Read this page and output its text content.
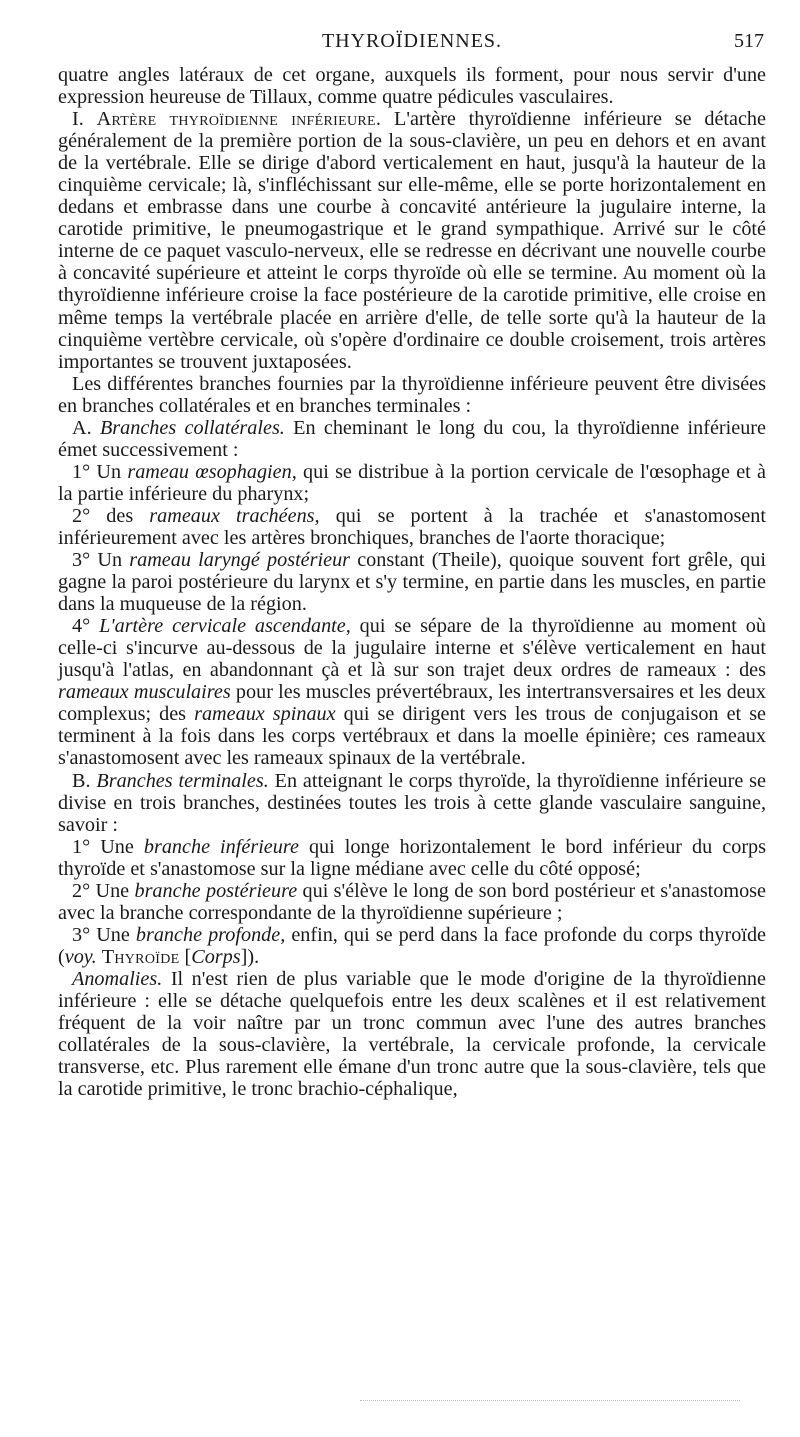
THYROÏDIENNES.	517

quatre angles latéraux de cet organe, auxquels ils forment, pour nous servir d'une expression heureuse de Tillaux, comme quatre pédicules vasculaires.

I. Artère thyroïdienne inférieure. L'artère thyroïdienne inférieure se détache généralement de la première portion de la sous-clavière, un peu en dehors et en avant de la vertébrale. Elle se dirige d'abord verticalement en haut, jusqu'à la hauteur de la cinquième cervicale; là, s'infléchissant sur elle-même, elle se porte horizontalement en dedans et embrasse dans une courbe à concavité antérieure la jugulaire interne, la carotide primitive, le pneumogastrique et le grand sympathique. Arrivé sur le côté interne de ce paquet vasculo-nerveux, elle se redresse en décrivant une nouvelle courbe à concavité supérieure et atteint le corps thyroïde où elle se termine. Au moment où la thyroïdienne inférieure croise la face postérieure de la carotide primitive, elle croise en même temps la vertébrale placée en arrière d'elle, de telle sorte qu'à la hauteur de la cinquième vertèbre cervicale, où s'opère d'ordinaire ce double croisement, trois artères importantes se trouvent juxtaposées.

Les différentes branches fournies par la thyroïdienne inférieure peuvent être divisées en branches collatérales et en branches terminales :

A. Branches collatérales. En cheminant le long du cou, la thyroïdienne inférieure émet successivement :

1° Un rameau œsophagien, qui se distribue à la portion cervicale de l'œsophage et à la partie inférieure du pharynx;

2° des rameaux trachéens, qui se portent à la trachée et s'anastomosent inférieurement avec les artères bronchiques, branches de l'aorte thoracique;

3° Un rameau laryngé postérieur constant (Theile), quoique souvent fort grêle, qui gagne la paroi postérieure du larynx et s'y termine, en partie dans les muscles, en partie dans la muqueuse de la région.

4° L'artère cervicale ascendante, qui se sépare de la thyroïdienne au moment où celle-ci s'incurve au-dessous de la jugulaire interne et s'élève verticalement en haut jusqu'à l'atlas, en abandonnant çà et là sur son trajet deux ordres de rameaux : des rameaux musculaires pour les muscles prévertébraux, les intertransversaires et les deux complexus; des rameaux spinaux qui se dirigent vers les trous de conjugaison et se terminent à la fois dans les corps vertébraux et dans la moelle épinière; ces rameaux s'anastomosent avec les rameaux spinaux de la vertébrale.

B. Branches terminales. En atteignant le corps thyroïde, la thyroïdienne inférieure se divise en trois branches, destinées toutes les trois à cette glande vasculaire sanguine, savoir :

1° Une branche inférieure qui longe horizontalement le bord inférieur du corps thyroïde et s'anastomose sur la ligne médiane avec celle du côté opposé;

2° Une branche postérieure qui s'élève le long de son bord postérieur et s'anastomose avec la branche correspondante de la thyroïdienne supérieure ;

3° Une branche profonde, enfin, qui se perd dans la face profonde du corps thyroïde (voy. Thyroïde [Corps]).

Anomalies. Il n'est rien de plus variable que le mode d'origine de la thyroïdienne inférieure : elle se détache quelquefois entre les deux scalènes et il est relativement fréquent de la voir naître par un tronc commun avec l'une des autres branches collatérales de la sous-clavière, la vertébrale, la cervicale profonde, la cervicale transverse, etc. Plus rarement elle émane d'un tronc autre que la sous-clavière, tels que la carotide primitive, le tronc brachio-céphalique,
